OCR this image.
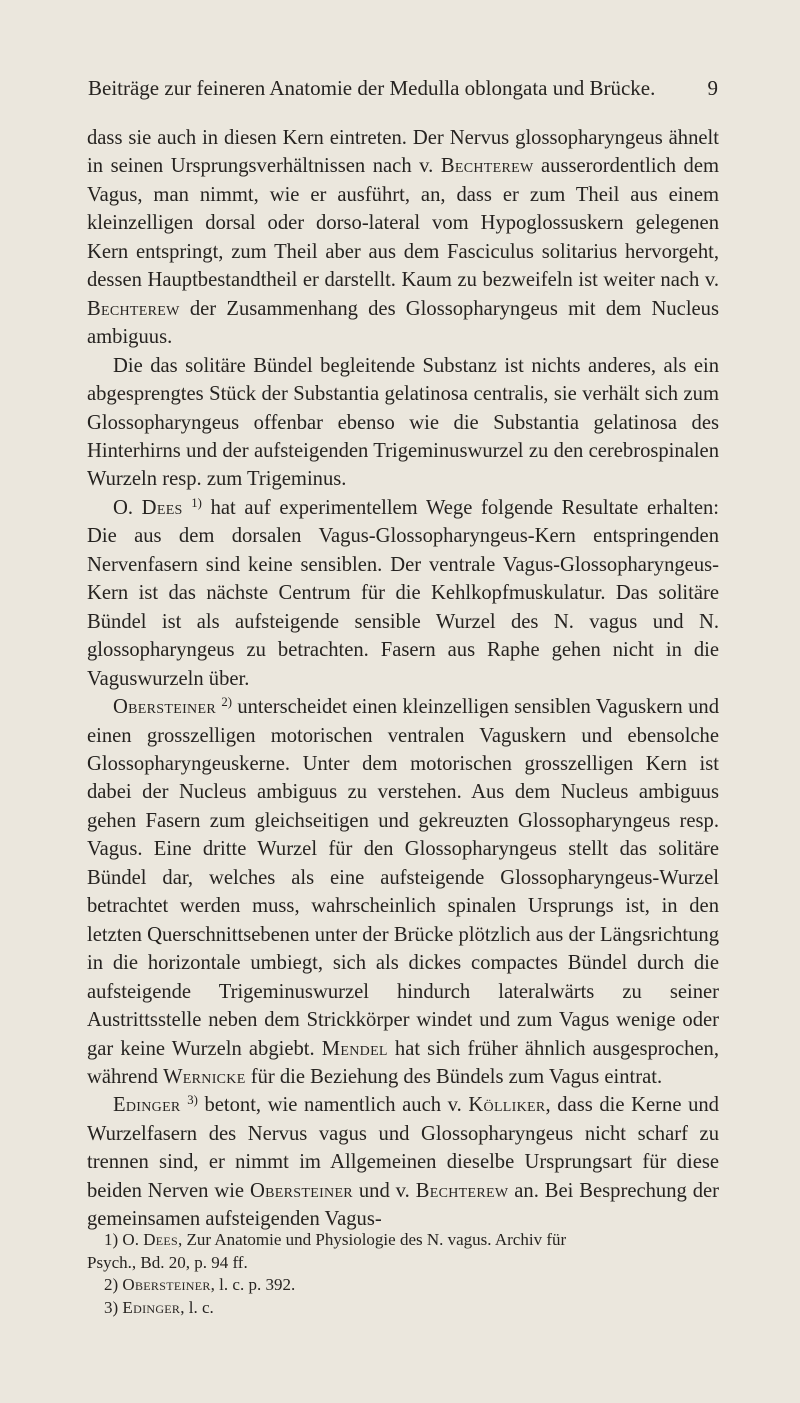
Beiträge zur feineren Anatomie der Medulla oblongata und Brücke. 9

dass sie auch in diesen Kern eintreten. Der Nervus glossopharyngeus ähnelt in seinen Ursprungsverhältnissen nach v. Bechterew ausserordentlich dem Vagus, man nimmt, wie er ausführt, an, dass er zum Theil aus einem kleinzelligen dorsal oder dorso-lateral vom Hypoglossuskern gelegenen Kern entspringt, zum Theil aber aus dem Fasciculus solitarius hervorgeht, dessen Hauptbestandtheil er darstellt. Kaum zu bezweifeln ist weiter nach v. Bechterew der Zusammenhang des Glossopharyngeus mit dem Nucleus ambiguus.

Die das solitäre Bündel begleitende Substanz ist nichts anderes, als ein abgesprengtes Stück der Substantia gelatinosa centralis, sie verhält sich zum Glossopharyngeus offenbar ebenso wie die Substantia gelatinosa des Hinterhirns und der aufsteigenden Trigeminuswurzel zu den cerebrospinalen Wurzeln resp. zum Trigeminus.

O. Dees $^{1)}$ hat auf experimentellem Wege folgende Resultate erhalten: Die aus dem dorsalen Vagus-Glossopharyngeus-Kern entspringenden Nervenfasern sind keine sensiblen. Der ventrale Vagus-Glossopharyngeus-Kern ist das nächste Centrum für die Kehlkopfmuskulatur. Das solitäre Bündel ist als aufsteigende sensible Wurzel des N. vagus und N. glossopharyngeus zu betrachten. Fasern aus Raphe gehen nicht in die Vaguswurzeln über.

Obersteiner $^{2)}$ unterscheidet einen kleinzelligen sensiblen Vaguskern und einen grosszelligen motorischen ventralen Vaguskern und ebensolche Glossopharyngeuskerne. Unter dem motorischen grosszelligen Kern ist dabei der Nucleus ambiguus zu verstehen. Aus dem Nucleus ambiguus gehen Fasern zum gleichseitigen und gekreuzten Glossopharyngeus resp. Vagus. Eine dritte Wurzel für den Glossopharyngeus stellt das solitäre Bündel dar, welches als eine aufsteigende Glossopharyngeus-Wurzel betrachtet werden muss, wahrscheinlich spinalen Ursprungs ist, in den letzten Querschnittsebenen unter der Brücke plötzlich aus der Längsrichtung in die horizontale umbiegt, sich als dickes compactes Bündel durch die aufsteigende Trigeminuswurzel hindurch lateralwärts zu seiner Austrittsstelle neben dem Strickkörper windet und zum Vagus wenige oder gar keine Wurzeln abgiebt. Mendel hat sich früher ähnlich ausgesprochen, während Wernicke für die Beziehung des Bündels zum Vagus eintrat.

Edinger $^{3)}$ betont, wie namentlich auch v. Kölliker, dass die Kerne und Wurzelfasern des Nervus vagus und Glossopharyngeus nicht scharf zu trennen sind, er nimmt im Allgemeinen dieselbe Ursprungsart für diese beiden Nerven wie Obersteiner und v. Bechterew an. Bei Besprechung der gemeinsamen aufsteigenden Vagus-

1) O. Dees, Zur Anatomie und Physiologie des N. vagus. Archiv für
Psych., Bd. 20, p. 94 ff.
2) Obersteiner, l. c. p. 392.
3) Edinger, l. c.
